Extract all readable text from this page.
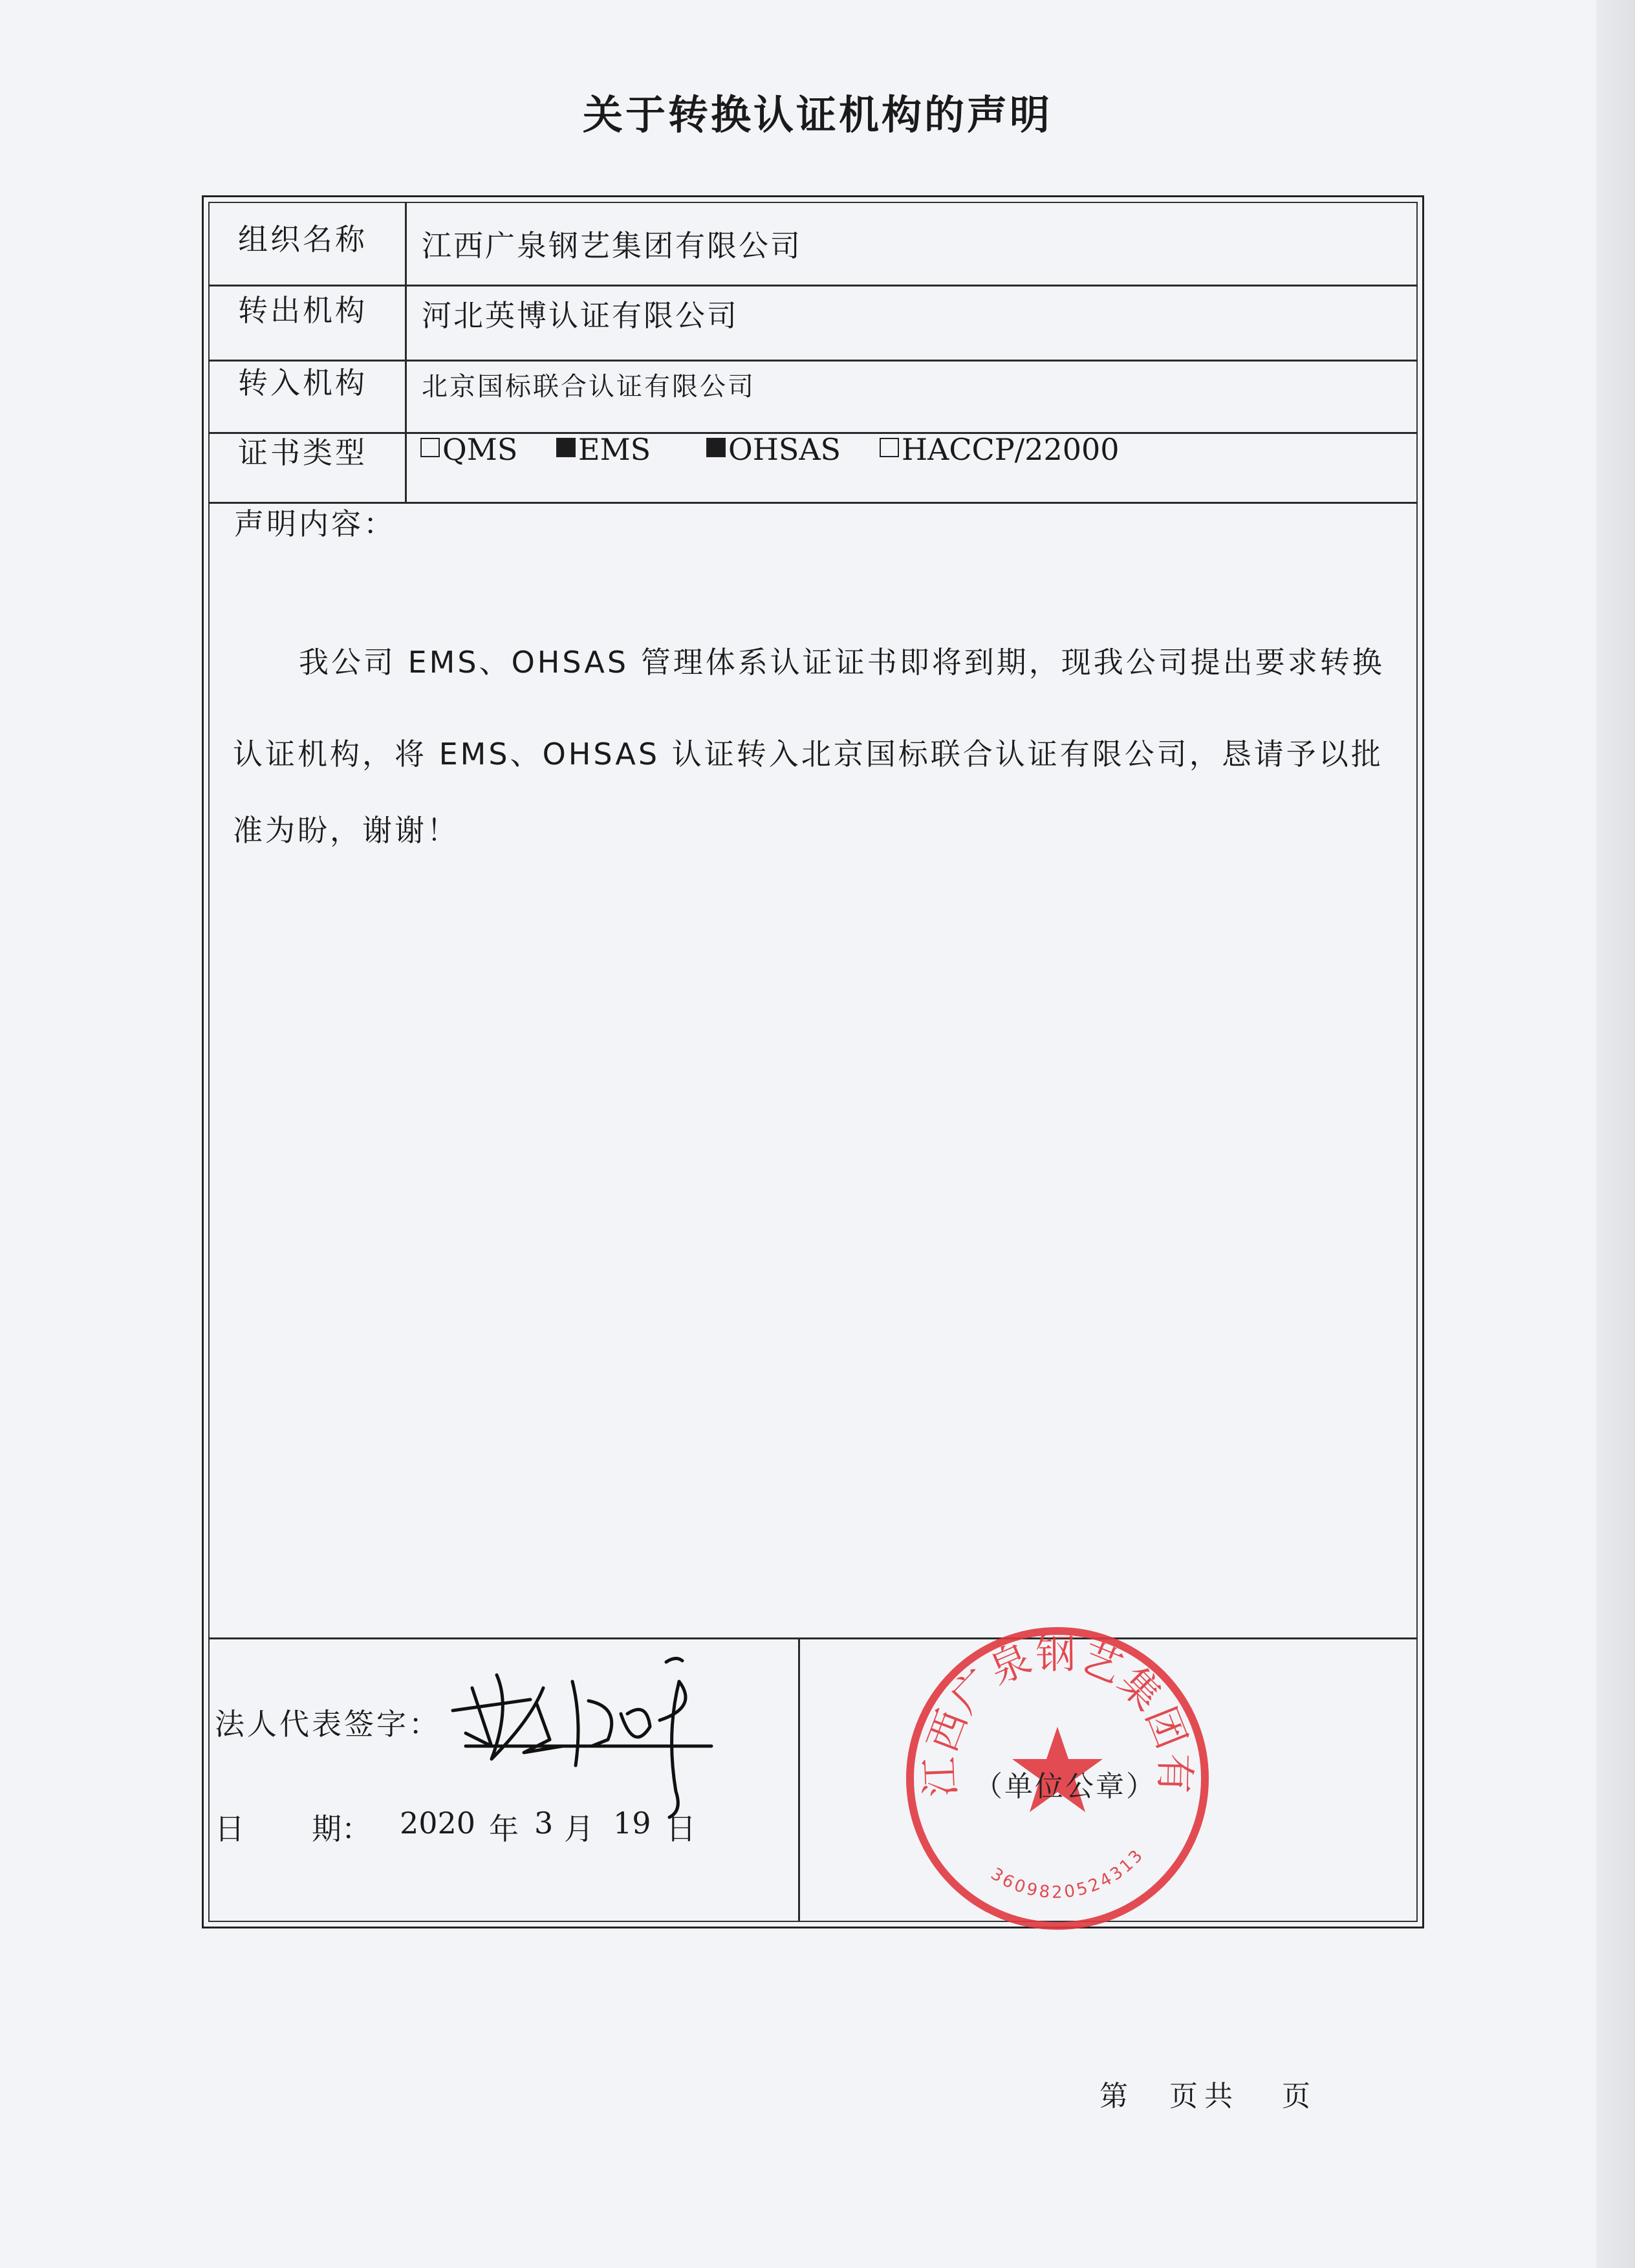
关于转换认证机构的声明
组织名称 江西广泉钢艺集团有限公司
转出机构 河北英博认证有限公司
转入机构 北京国标联合认证有限公司
证书类型	QMS	EMS	OHSAS	HACCP/22000
声明内容：
我公司 EMS、OHSAS 管理体系认证证书即将到期，现我公司提出要求转换
认证机构，将 EMS、OHSAS 认证转入北京国标联合认证有限公司，恳请予以批
准为盼，谢谢！
法人代表签字：
日 期： 2020 年 3 月 19 日
江西广泉钢艺集团有限公司
3609820524313
（单位公章）
第 页共 页
